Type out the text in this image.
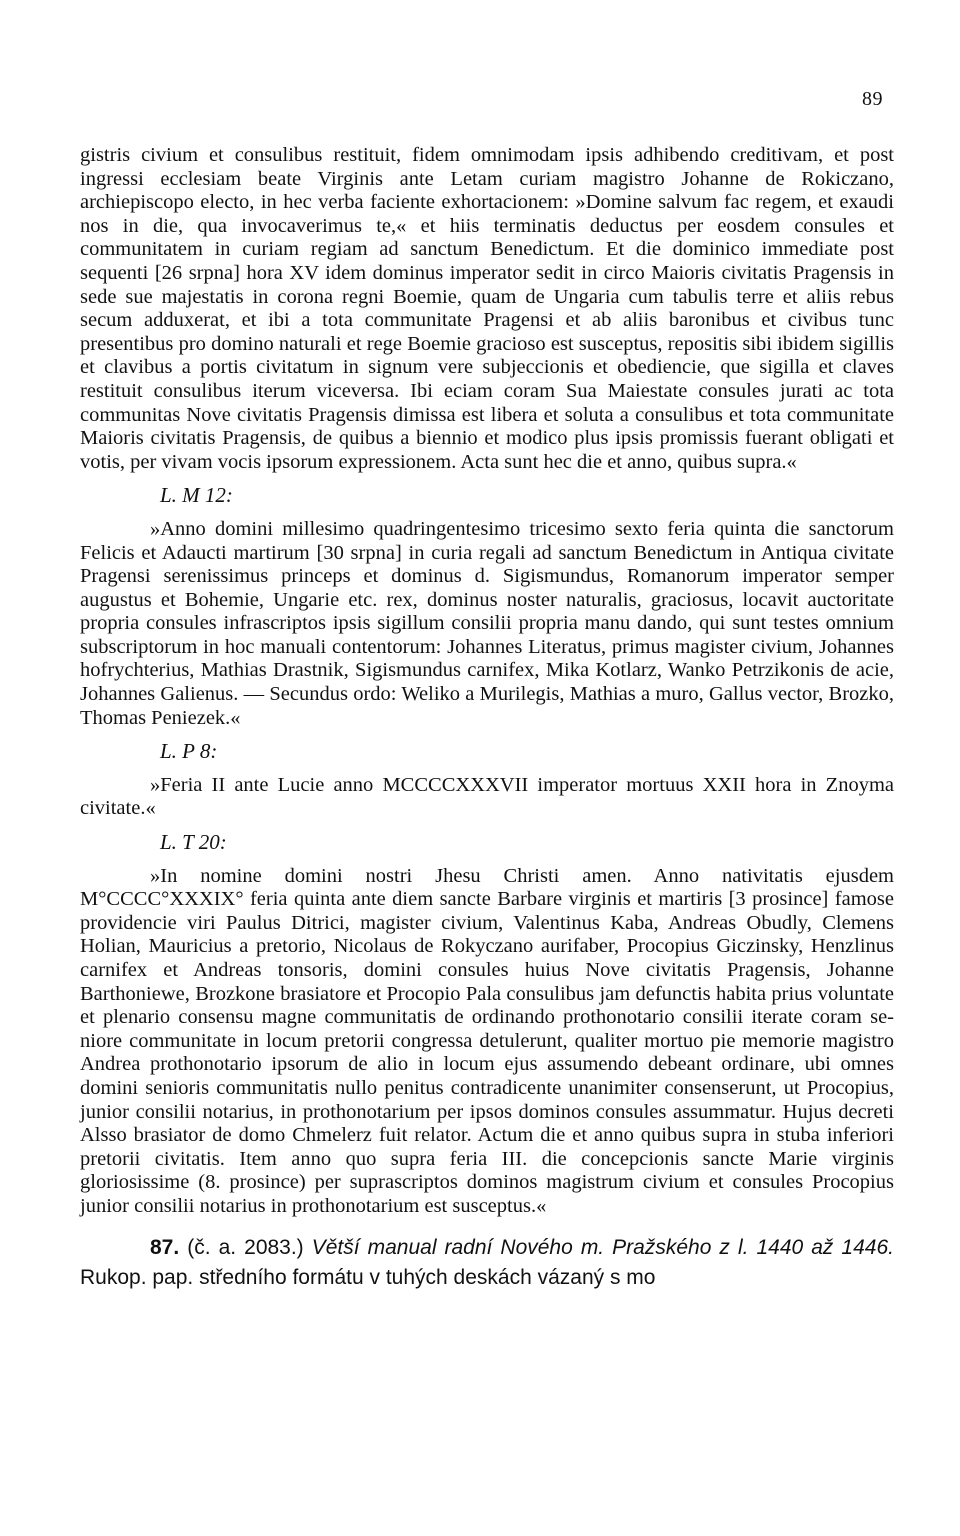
89

gistris civium et consulibus restituit, fidem omnimodam ipsis adhibendo creditivam, et post ingressi ecclesiam beate Virginis ante Letam curiam magistro Johanne de Rokiczano, archiepiscopo electo, in hec verba faciente exhortacionem: »Domine salvum fac regem, et exaudi nos in die, qua invocaverimus te,« et hiis terminatis deductus per eosdem consules et communitatem in curiam regiam ad sanctum Benedictum. Et die dominico immediate post sequenti [26 srpna] hora XV idem dominus imperator sedit in circo Maioris civitatis Pragensis in sede sue majestatis in corona regni Boemie, quam de Ungaria cum tabulis terre et aliis rebus secum adduxerat, et ibi a tota communitate Pragensi et ab aliis baronibus et civibus tunc presentibus pro domino naturali et rege Boemie gracioso est susceptus, repositis sibi ibidem sigillis et clavibus a portis civitatum in signum vere subjeccionis et obediencie, que sigilla et claves restituit consulibus iterum viceversa. Ibi eciam coram Sua Maiestate consules jurati ac tota communitas Nove civitatis Pragensis dimissa est libera et soluta a consulibus et tota communitate Maioris civitatis Pragensis, de quibus a biennio et modico plus ipsis promissis fuerant obligati et votis, per vivam vocis ipsorum expressionem. Acta sunt hec die et anno, quibus supra.«

L. M 12:

»Anno domini millesimo quadringentesimo tricesimo sexto feria quinta die sanctorum Felicis et Adaucti martirum [30 srpna] in curia regali ad sanctum Benedictum in Antiqua civitate Pragensi serenissimus princeps et dominus d. Sigismundus, Romanorum imperator semper augustus et Bohemie, Ungarie etc. rex, dominus noster naturalis, graciosus, locavit auctoritate propria consules infrascriptos ipsis sigillum consilii propria manu dando, qui sunt testes omnium subscriptorum in hoc manuali contentorum: Johannes Literatus, primus magister civium, Johannes hofrychterius, Mathias Drastnik, Sigismundus carnifex, Mika Kotlarz, Wanko Petrzikonis de acie, Johannes Galienus. — Secundus ordo: Weliko a Murilegis, Mathias a muro, Gallus vector, Brozko, Thomas Peniezek.«

L. P 8:

»Feria II ante Lucie anno MCCCCXXXVII imperator mortuus XXII hora in Znoyma civitate.«

L. T 20:

»In nomine domini nostri Jhesu Christi amen. Anno nativitatis ejusdem M°CCCC°XXXIX° feria quinta ante diem sancte Barbare virginis et martiris [3 prosince] famose providencie viri Paulus Ditrici, magister civium, Valentinus Kaba, Andreas Obudly, Clemens Holian, Mauricius a pretorio, Nicolaus de Rokyczano aurifaber, Procopius Giczinsky, Henzlinus carnifex et Andreas tonsoris, domini consules huius Nove civitatis Pragensis, Johanne Barthoniewe, Brozkone brasiatore et Procopio Pala consulibus jam defunctis habita prius voluntate et plenario consensu magne communitatis de ordinando prothonotario consilii iterate coram seniore communitate in locum pretorii congressa detulerunt, qualiter mortuo pie memorie magistro Andrea prothonotario ipsorum de alio in locum ejus assumendo debeant ordinare, ubi omnes domini senioris communitatis nullo penitus contradicente unanimiter consenserunt, ut Procopius, junior consilii notarius, in prothonotarium per ipsos dominos consules assummatur. Hujus decreti Alsso brasiator de domo Chmelerz fuit relator. Actum die et anno quibus supra in stuba inferiori pretorii civitatis. Item anno quo supra feria III. die concepcionis sancte Marie virginis gloriosissime (8. prosince) per suprascriptos dominos magistrum civium et consules Procopius junior consilii notarius in prothonotarium est susceptus.«

87. (č. a. 2083.) Větší manual radní Nového m. Pražského z l. 1440 až 1446. Rukop. pap. středního formátu v tuhých deskách vázaný s mo
